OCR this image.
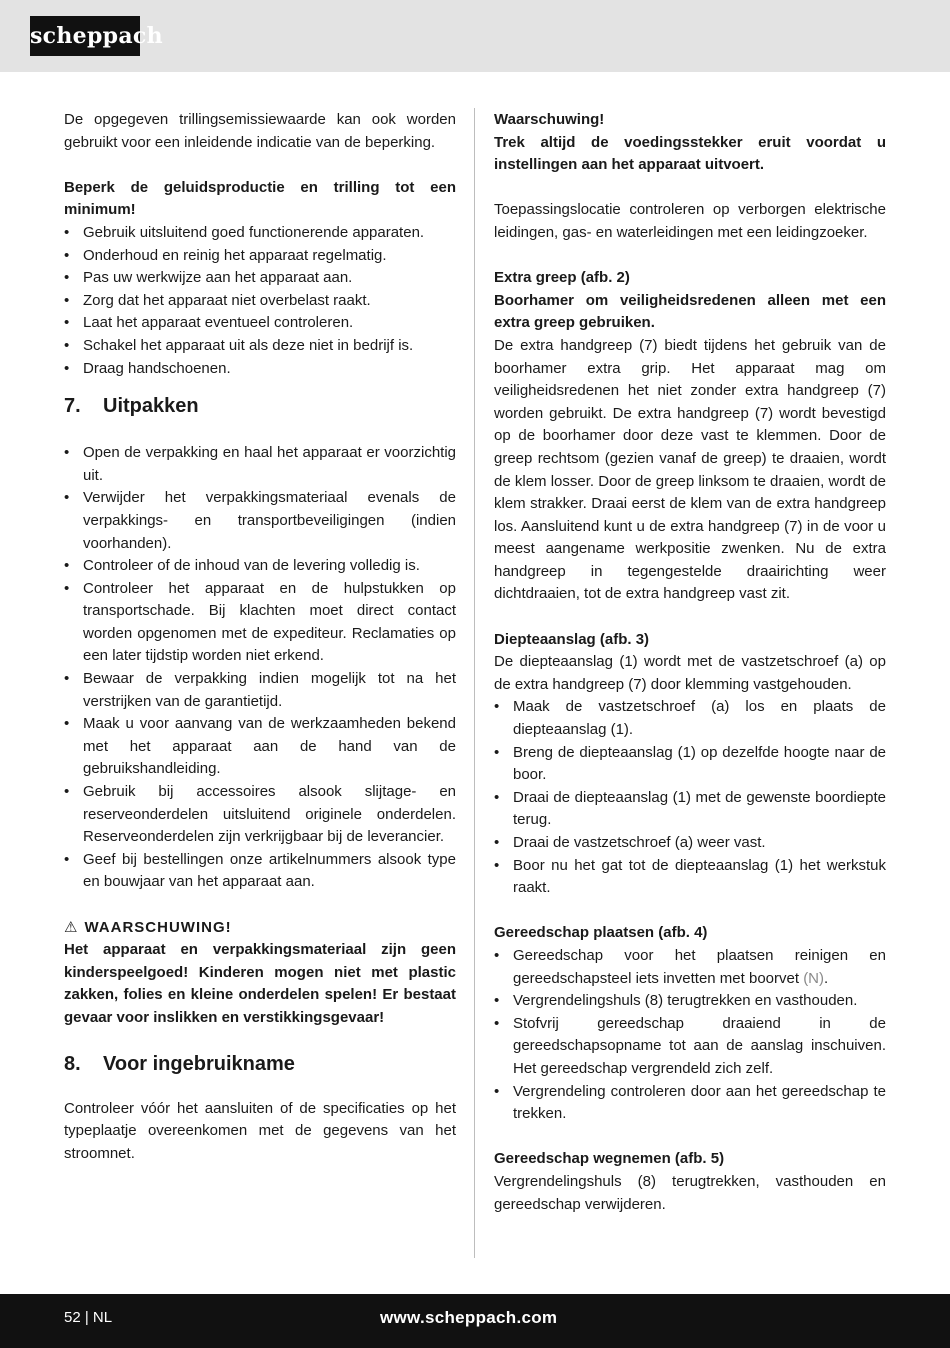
scheppach

De opgegeven trillingsemissiewaarde kan ook worden gebruikt voor een inleidende indicatie van de beperking.

Beperk de geluidsproductie en trilling tot een minimum!

• Gebruik uitsluitend goed functionerende apparaten.
• Onderhoud en reinig het apparaat regelmatig.
• Pas uw werkwijze aan het apparaat aan.
• Zorg dat het apparaat niet overbelast raakt.
• Laat het apparaat eventueel controleren.
• Schakel het apparaat uit als deze niet in bedrijf is.
• Draag handschoenen.
7.	Uitpakken
• Open de verpakking en haal het apparaat er voorzichtig uit.
• Verwijder het verpakkingsmateriaal evenals de verpakkings- en transportbeveiligingen (indien voorhanden).
• Controleer of de inhoud van de levering volledig is.
• Controleer het apparaat en de hulpstukken op transportschade. Bij klachten moet direct contact worden opgenomen met de expediteur. Reclamaties op een later tijdstip worden niet erkend.
• Bewaar de verpakking indien mogelijk tot na het verstrijken van de garantietijd.
• Maak u voor aanvang van de werkzaamheden bekend met het apparaat aan de hand van de gebruikshandleiding.
• Gebruik bij accessoires alsook slijtage- en reserveonderdelen uitsluitend originele onderdelen. Reserveonderdelen zijn verkrijgbaar bij de leverancier.
• Geef bij bestellingen onze artikelnummers alsook type en bouwjaar van het apparaat aan.

⚠ WAARSCHUWING!

Het apparaat en verpakkingsmateriaal zijn geen kinderspeelgoed! Kinderen mogen niet met plastic zakken, folies en kleine onderdelen spelen! Er bestaat gevaar voor inslikken en verstikkingsgevaar!

8.	Voor ingebruikname

Controleer vóór het aansluiten of de specificaties op het typeplaatje overeenkomen met de gegevens van het stroomnet.

Waarschuwing!

Trek altijd de voedingsstekker eruit voordat u instellingen aan het apparaat uitvoert.

Toepassingslocatie controleren op verborgen elektrische leidingen, gas- en waterleidingen met een leidingzoeker.

Extra greep (afb. 2)

Boorhamer om veiligheidsredenen alleen met een extra greep gebruiken.

De extra handgreep (7) biedt tijdens het gebruik van de boorhamer extra grip. Het apparaat mag om veiligheidsredenen het niet zonder extra handgreep (7) worden gebruikt. De extra handgreep (7) wordt bevestigd op de boorhamer door deze vast te klemmen. Door de greep rechtsom (gezien vanaf de greep) te draaien, wordt de klem losser. Door de greep linksom te draaien, wordt de klem strakker. Draai eerst de klem van de extra handgreep los. Aansluitend kunt u de extra handgreep (7) in de voor u meest aangename werkpositie zwenken. Nu de extra handgreep in tegengestelde draairichting weer dichtdraaien, tot de extra handgreep vast zit.

Diepteaanslag (afb. 3)

De diepteaanslag (1) wordt met de vastzetschroef (a) op de extra handgreep (7) door klemming vastgehouden.

• Maak de vastzetschroef (a) los en plaats de diepteaanslag (1).
• Breng de diepteaanslag (1) op dezelfde hoogte naar de boor.
• Draai de diepteaanslag (1) met de gewenste boordiepte terug.
• Draai de vastzetschroef (a) weer vast.
• Boor nu het gat tot de diepteaanslag (1) het werkstuk raakt.

Gereedschap plaatsen (afb. 4)

• Gereedschap voor het plaatsen reinigen en gereedschapsteel iets invetten met boorvet (N).
• Vergrendelingshuls (8) terugtrekken en vasthouden.
• Stofvrij gereedschap draaiend in de gereedschapsopname tot aan de aanslag inschuiven. Het gereedschap vergrendeld zich zelf.
• Vergrendeling controleren door aan het gereedschap te trekken.

Gereedschap wegnemen (afb. 5)

Vergrendelingshuls (8) terugtrekken, vasthouden en gereedschap verwijderen.

52 | NL	www.scheppach.com
